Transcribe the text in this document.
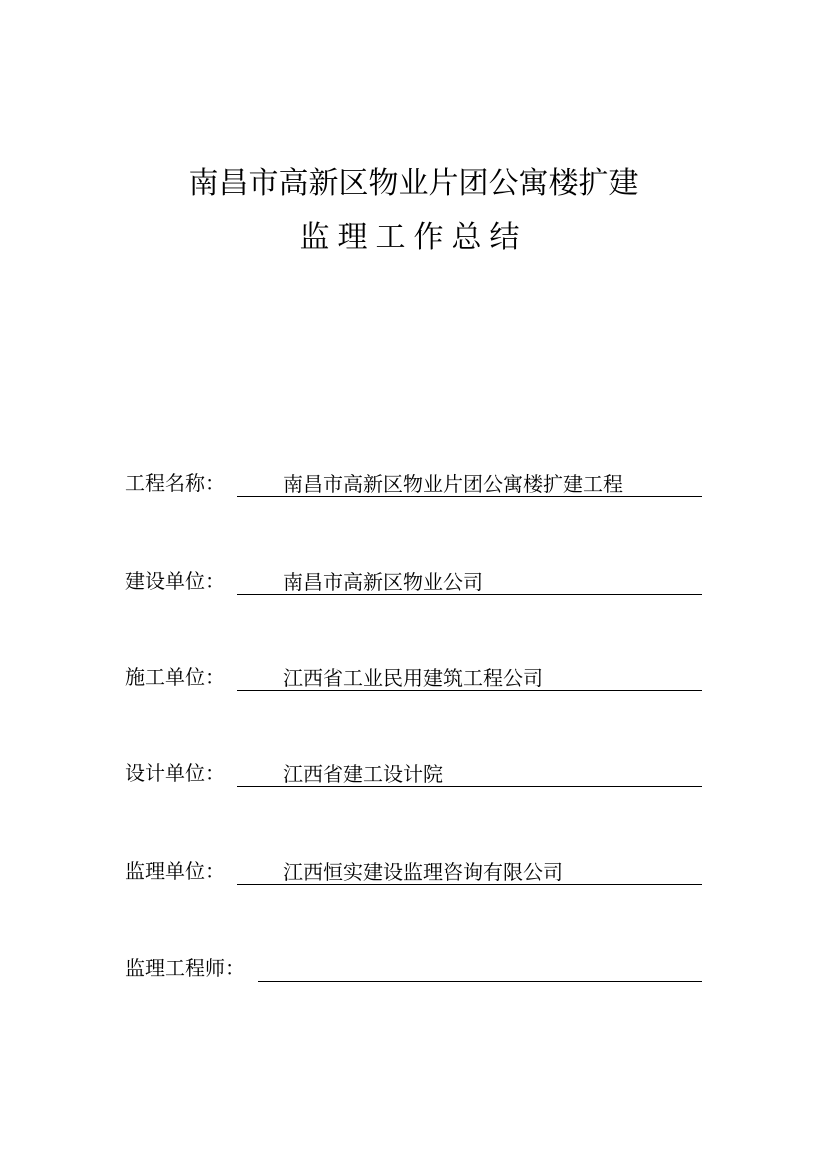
南昌市高新区物业片团公寓楼扩建
监理工作总结
工程名称：	南昌市高新区物业片团公寓楼扩建工程
建设单位：	南昌市高新区物业公司
施工单位：	江西省工业民用建筑工程公司
设计单位：	江西省建工设计院
监理单位：	江西恒实建设监理咨询有限公司
监理工程师：
